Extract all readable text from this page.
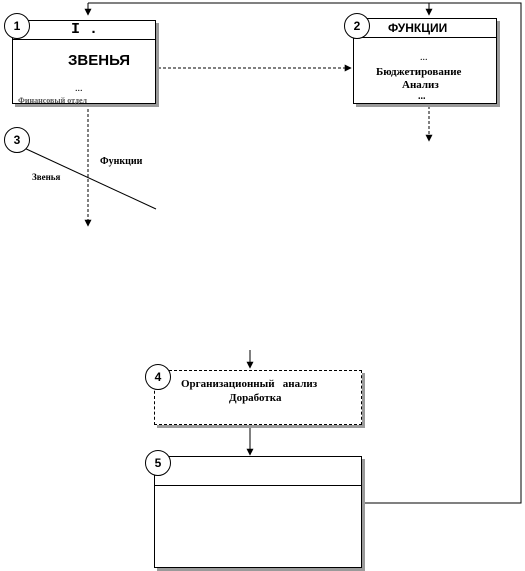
I .
ЗВЕНЬЯ
...
Финансовый отдел
1	ФУНКЦИИ
...
Бюджетирование
Анализ
...
2
3
Функции
Звенья
Организационный   анализ
Доработка
4
5
